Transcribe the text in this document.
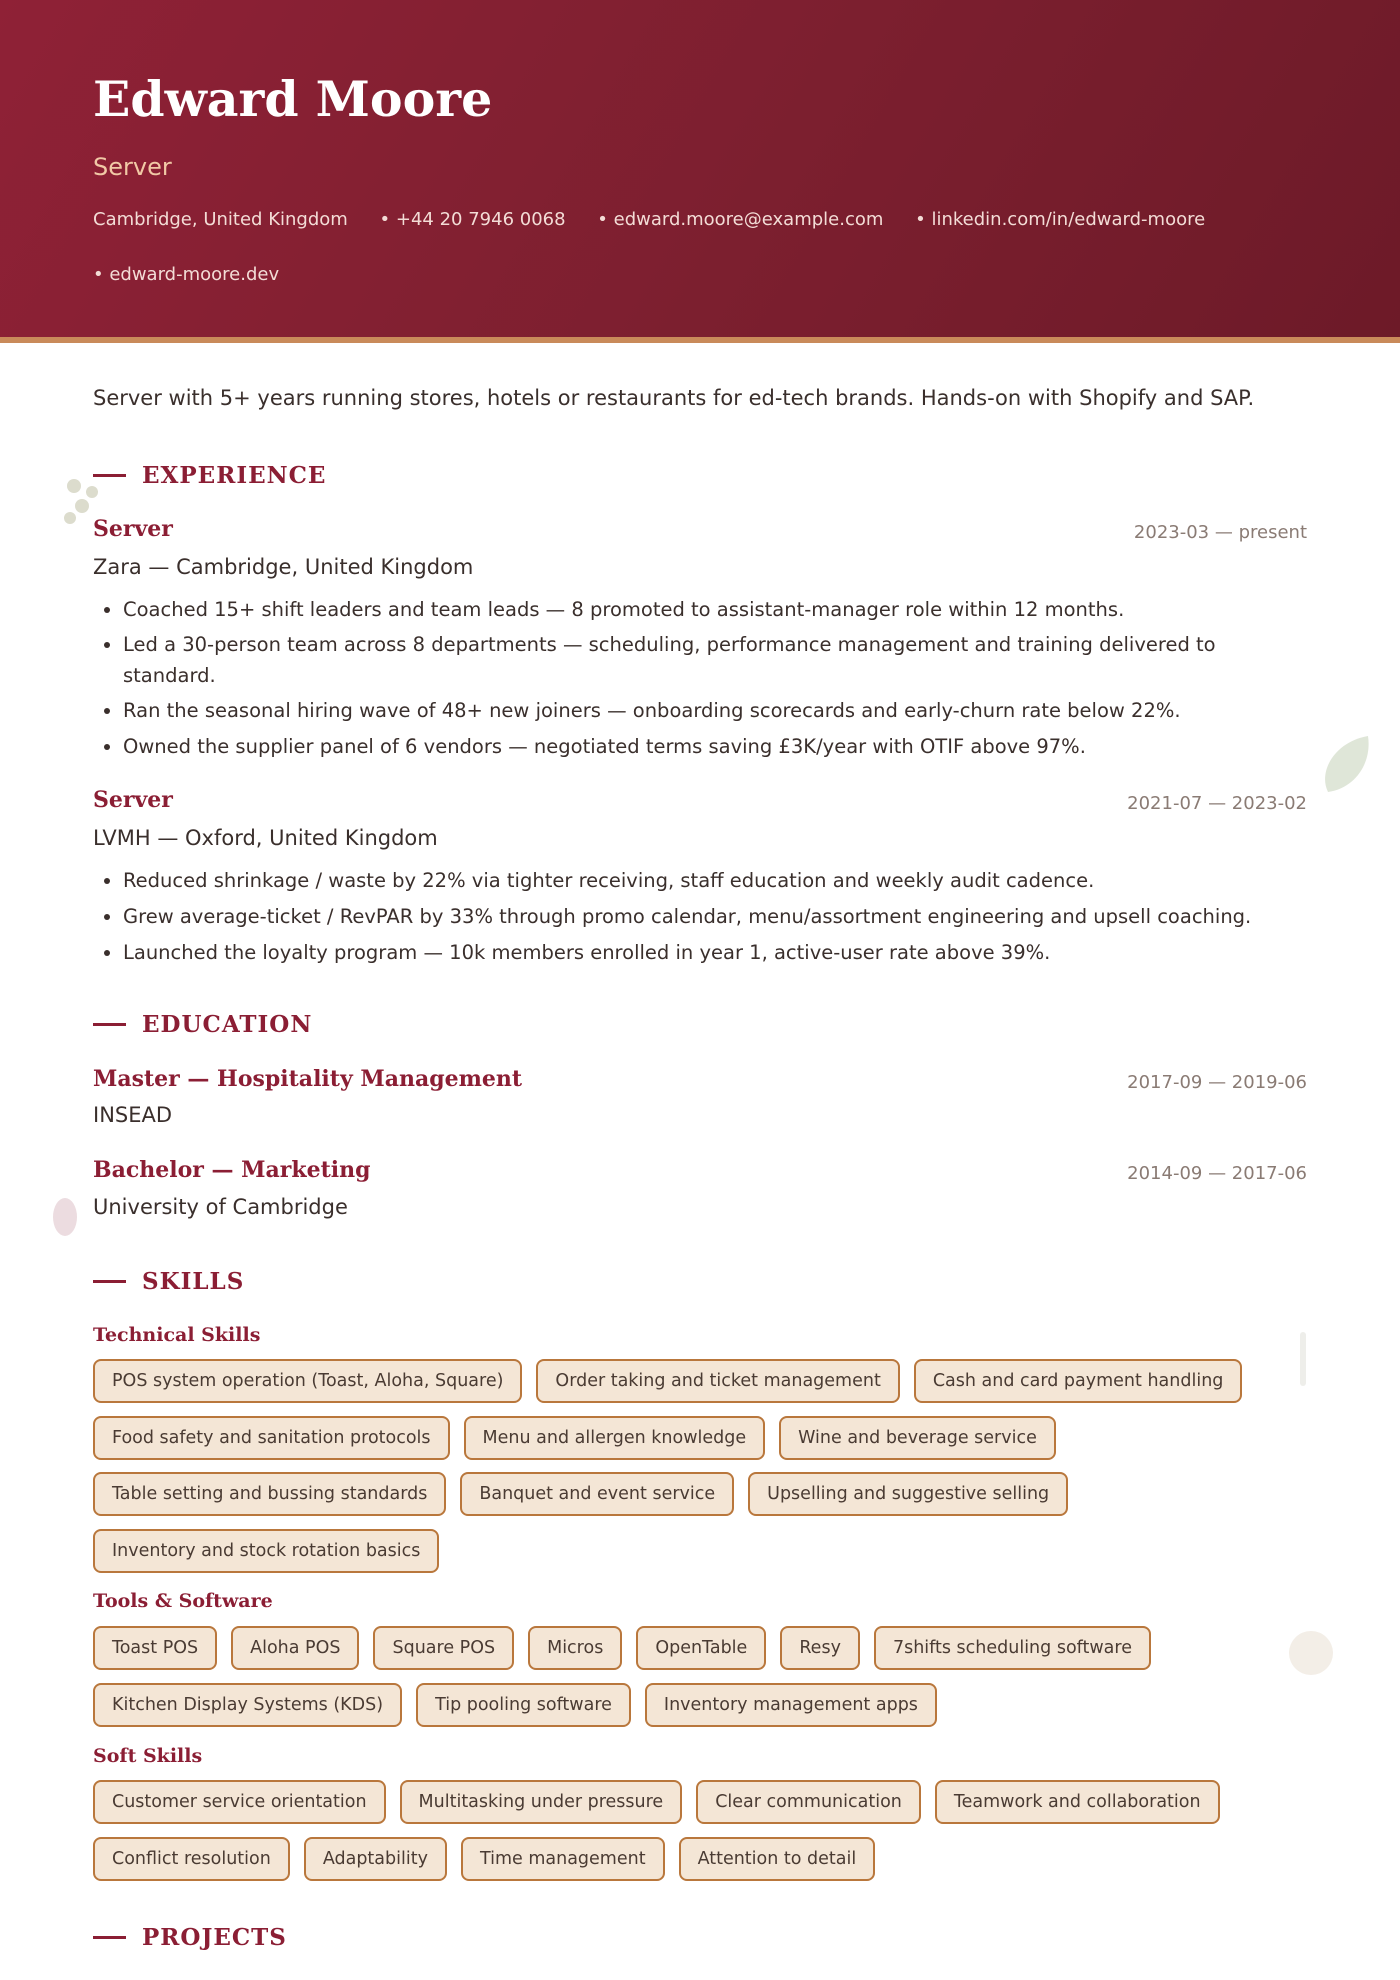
Edward Moore
Server
Cambridge, United Kingdom • +44 20 7946 0068 • edward.moore@example.com • linkedin.com/in/edward-moore
• edward-moore.dev
Server with 5+ years running stores, hotels or restaurants for ed-tech brands. Hands-on with Shopify and SAP.
EXPERIENCE
Server	2023-03 — present
Zara — Cambridge, United Kingdom
• Coached 15+ shift leaders and team leads — 8 promoted to assistant-manager role within 12 months.
• Led a 30-person team across 8 departments — scheduling, performance management and training delivered to standard.
• Ran the seasonal hiring wave of 48+ new joiners — onboarding scorecards and early-churn rate below 22%.
• Owned the supplier panel of 6 vendors — negotiated terms saving £3K/year with OTIF above 97%.
Server	2021-07 — 2023-02
LVMH — Oxford, United Kingdom
• Reduced shrinkage / waste by 22% via tighter receiving, staff education and weekly audit cadence.
• Grew average-ticket / RevPAR by 33% through promo calendar, menu/assortment engineering and upsell coaching.
• Launched the loyalty program — 10k members enrolled in year 1, active-user rate above 39%.
EDUCATION
Master — Hospitality Management	2017-09 — 2019-06
INSEAD
Bachelor — Marketing	2014-09 — 2017-06
University of Cambridge
SKILLS
Technical Skills
POS system operation (Toast, Aloha, Square)	Order taking and ticket management	Cash and card payment handling
Food safety and sanitation protocols	Menu and allergen knowledge	Wine and beverage service
Table setting and bussing standards	Banquet and event service	Upselling and suggestive selling
Inventory and stock rotation basics
Tools & Software
Toast POS	Aloha POS	Square POS	Micros	OpenTable	Resy	7shifts scheduling software
Kitchen Display Systems (KDS)	Tip pooling software	Inventory management apps
Soft Skills
Customer service orientation	Multitasking under pressure	Clear communication	Teamwork and collaboration
Conflict resolution	Adaptability	Time management	Attention to detail
PROJECTS
